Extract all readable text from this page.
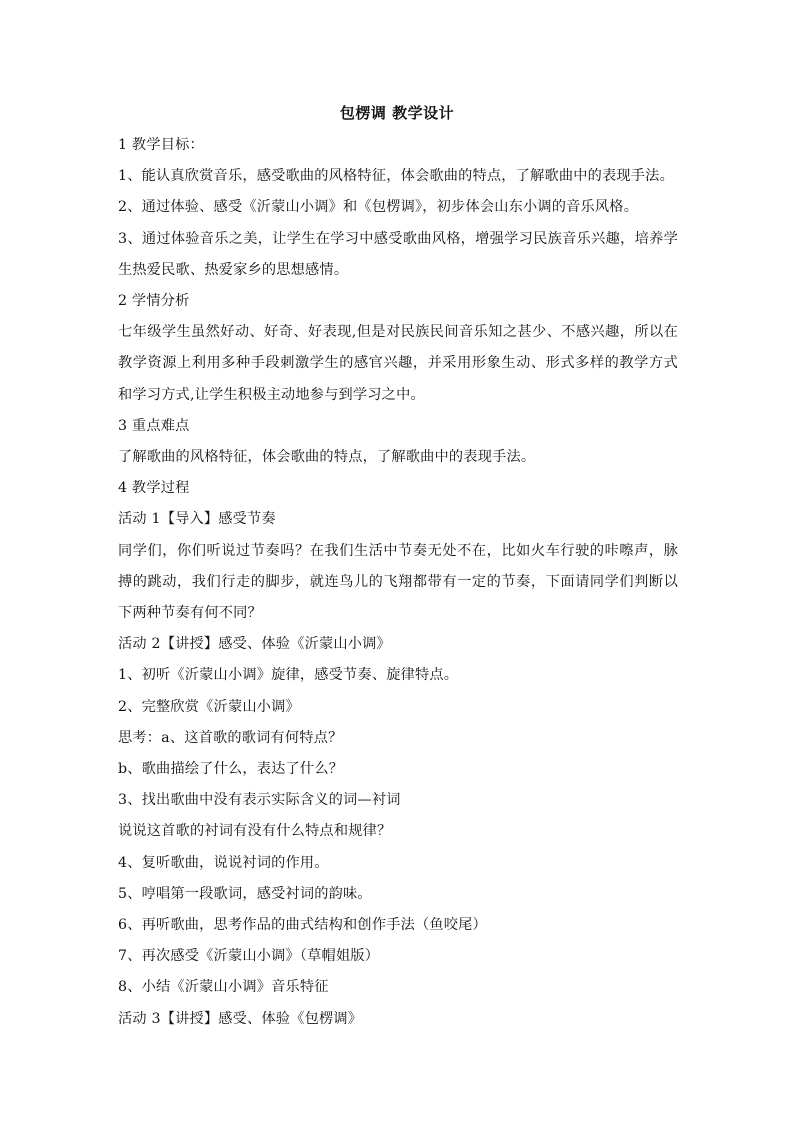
包楞调 教学设计
1 教学目标：
1、能认真欣赏音乐，感受歌曲的风格特征，体会歌曲的特点，了解歌曲中的表现手法。
2、通过体验、感受《沂蒙山小调》和《包楞调》，初步体会山东小调的音乐风格。
3、通过体验音乐之美，让学生在学习中感受歌曲风格，增强学习民族音乐兴趣，培养学生热爱民歌、热爱家乡的思想感情。
2 学情分析
七年级学生虽然好动、好奇、好表现,但是对民族民间音乐知之甚少、不感兴趣，所以在教学资源上利用多种手段刺激学生的感官兴趣，并采用形象生动、形式多样的教学方式和学习方式,让学生积极主动地参与到学习之中。
3 重点难点
了解歌曲的风格特征，体会歌曲的特点，了解歌曲中的表现手法。
4 教学过程
活动 1【导入】感受节奏
同学们，你们听说过节奏吗？在我们生活中节奏无处不在，比如火车行驶的咔嚓声，脉搏的跳动，我们行走的脚步，就连鸟儿的飞翔都带有一定的节奏，下面请同学们判断以下两种节奏有何不同？
活动 2【讲授】感受、体验《沂蒙山小调》
1、初听《沂蒙山小调》旋律，感受节奏、旋律特点。
2、完整欣赏《沂蒙山小调》
思考：a、这首歌的歌词有何特点？
b、歌曲描绘了什么，表达了什么？
3、找出歌曲中没有表示实际含义的词—衬词
说说这首歌的衬词有没有什么特点和规律？
4、复听歌曲，说说衬词的作用。
5、哼唱第一段歌词，感受衬词的韵味。
6、再听歌曲，思考作品的曲式结构和创作手法（鱼咬尾）
7、再次感受《沂蒙山小调》（草帽姐版）
8、小结《沂蒙山小调》音乐特征
活动 3【讲授】感受、体验《包楞调》
